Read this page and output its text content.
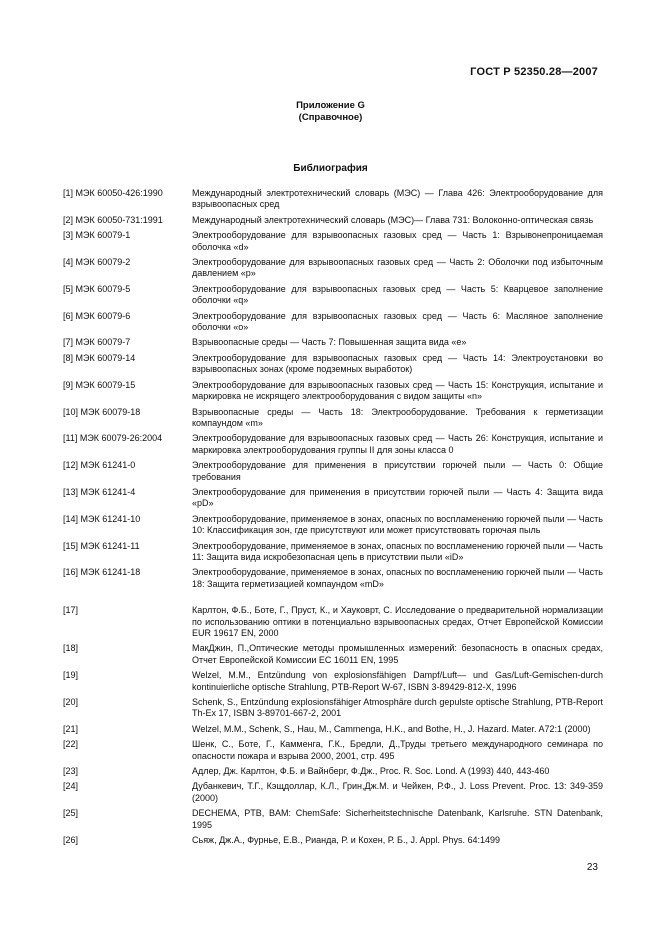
ГОСТ Р 52350.28—2007
Приложение G
(Справочное)
Библиография
[1] МЭК 60050-426:1990	Международный электротехнический словарь (МЭС) — Глава 426: Электрооборудование для взрывоопасных сред
[2] МЭК 60050-731:1991	Международный электротехнический словарь (МЭС)— Глава 731: Волоконно-оптическая связь
[3] МЭК 60079-1	Электрооборудование для взрывоопасных газовых сред — Часть 1: Взрывонепроницаемая оболочка «d»
[4] МЭК 60079-2	Электрооборудование для взрывоопасных газовых сред — Часть 2: Оболочки под избыточным давлением «p»
[5] МЭК 60079-5	Электрооборудование для взрывоопасных газовых сред — Часть 5: Кварцевое заполнение оболочки «q»
[6] МЭК 60079-6	Электрооборудование для взрывоопасных газовых сред — Часть 6: Масляное заполнение оболочки «o»
[7] МЭК 60079-7	Взрывоопасные среды — Часть 7: Повышенная защита вида «e»
[8] МЭК 60079-14	Электрооборудование для взрывоопасных газовых сред — Часть 14: Электроустановки во взрывоопасных зонах (кроме подземных выработок)
[9] МЭК 60079-15	Электрооборудование для взрывоопасных газовых сред — Часть 15: Конструкция, испытание и маркировка не искрящего электрооборудования с видом защиты «n»
[10] МЭК 60079-18	Взрывоопасные среды — Часть 18: Электрооборудование. Требования к герметизации компаундом «m»
[11] МЭК 60079-26:2004	Электрооборудование для взрывоопасных газовых сред — Часть 26: Конструкция, испытание и маркировка электрооборудования группы II для зоны класса 0
[12] МЭК 61241-0	Электрооборудование для применения в присутствии горючей пыли — Часть 0: Общие требования
[13] МЭК 61241-4	Электрооборудование для применения в присутствии горючей пыли — Часть 4: Защита вида «pD»
[14] МЭК 61241-10	Электрооборудование, применяемое в зонах, опасных по воспламенению горючей пыли — Часть 10: Классификация зон, где присутствуют или может присутствовать горючая пыль
[15] МЭК 61241-11	Электрооборудование, применяемое в зонах, опасных по воспламенению горючей пыли — Часть 11: Защита вида искробезопасная цепь в присутствии пыли «iD»
[16] МЭК 61241-18	Электрооборудование, применяемое в зонах, опасных по воспламенению горючей пыли — Часть 18: Защита герметизацией компаундом «mD»
[17]	Карлтон, Ф.Б., Боте, Г., Пруст, К., и Хауковрт, С. Исследование о предварительной нормализации по использованию оптики в потенциально взрывоопасных средах, Отчет Европейской Комиссии EUR 19617 EN, 2000
[18]	МакДжин, П.,Оптические методы промышленных измерений: безопасность в опасных средах, Отчет Европейской Комиссии EC 16011 EN, 1995
[19]	Welzel, M.M., Entzündung von explosionsfähigen Dampf/Luft— und Gas/Luft-Gemischen-durch kontinuierliche optische Strahlung, PTB-Report W-67, ISBN 3-89429-812-X, 1996
[20]	Schenk, S., Entzündung explosionsfähiger Atmosphäre durch gepulste optische Strahlung, PTB-Report Th-Ex 17, ISBN 3-89701-667-2, 2001
[21]	Welzel, M.M., Schenk, S., Hau, M., Cammenga, H.K., and Bothe, H., J. Hazard. Mater. A72:1 (2000)
[22]	Шенк, С., Боте, Г., Камменга, Г.К., Бредли, Д.,Труды третьего международного семинара по опасности пожара и взрыва 2000, 2001, стр. 495
[23]	Адлер, Дж. Карлтон, Ф.Б. и Вайнберг, Ф.Дж., Proc. R. Soc. Lond. A (1993) 440, 443-460
[24]	Дубанкевич, Т.Г., Кэщдоллар, К.Л., Грин,Дж.М. и Чейкен, Р.Ф., J. Loss Prevent. Proc. 13: 349-359 (2000)
[25]	DECHEMA, PTB, BAM: ChemSafe: Sicherheitstechnische Datenbank, Karlsruhe. STN Datenbank, 1995
[26]	Сьяж, Дж.А., Фурнье, Е.В., Рианда, Р. и Кохен, Р. Б., J. Appl. Phys. 64:1499
23
